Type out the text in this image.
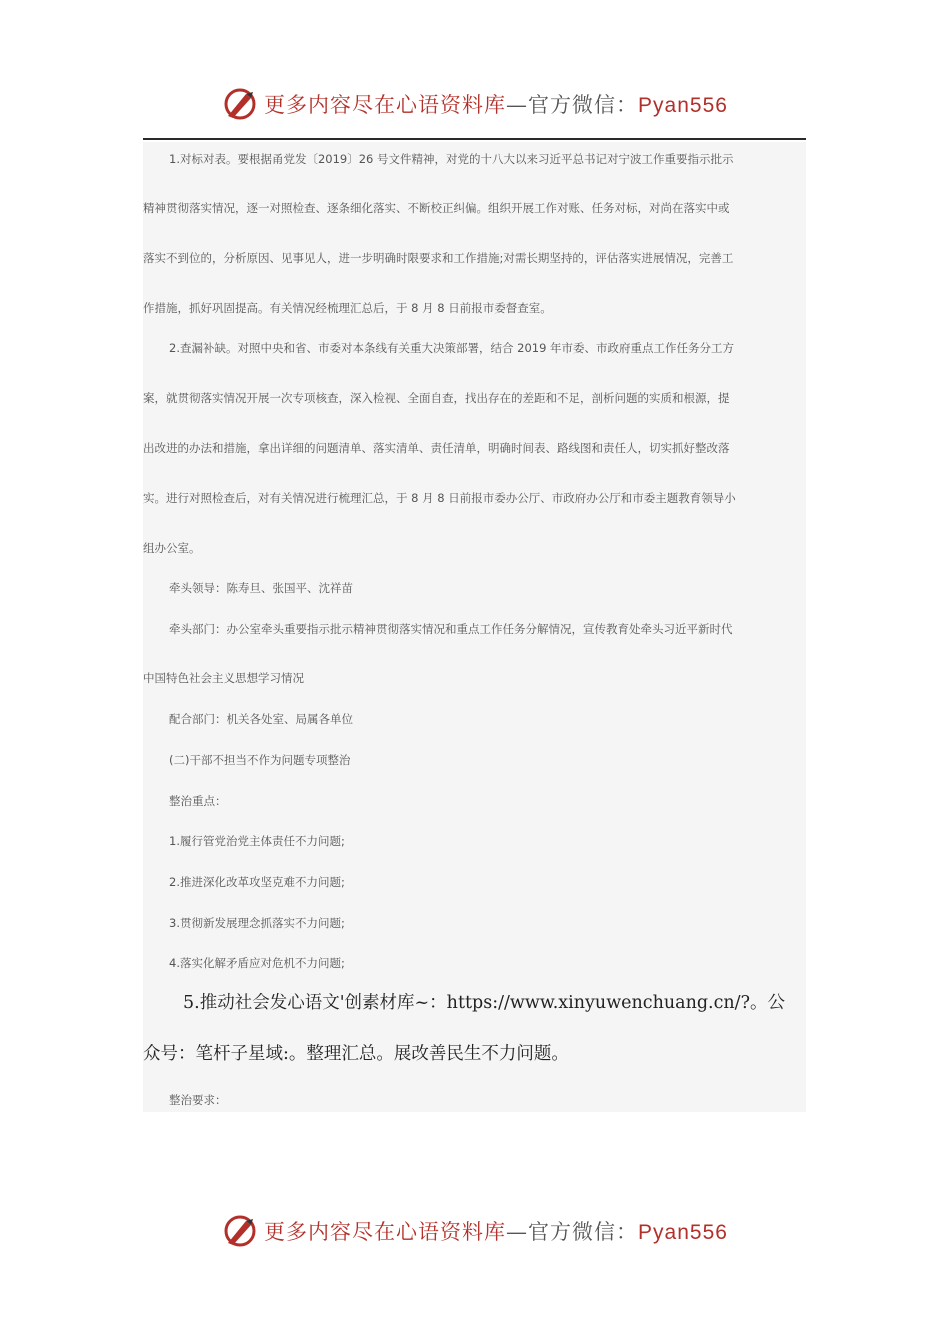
更多内容尽在心语资料库—官方微信：Pyan556
1.对标对表。要根据甬党发〔2019〕26 号文件精神，对党的十八大以来习近平总书记对宁波工作重要指示批示
精神贯彻落实情况，逐一对照检查、逐条细化落实、不断校正纠偏。组织开展工作对账、任务对标，对尚在落实中或
落实不到位的，分析原因、见事见人，进一步明确时限要求和工作措施;对需长期坚持的，评估落实进展情况，完善工
作措施，抓好巩固提高。有关情况经梳理汇总后，于 8 月 8 日前报市委督查室。
2.查漏补缺。对照中央和省、市委对本条线有关重大决策部署，结合 2019 年市委、市政府重点工作任务分工方
案，就贯彻落实情况开展一次专项核查，深入检视、全面自查，找出存在的差距和不足，剖析问题的实质和根源，提
出改进的办法和措施，拿出详细的问题清单、落实清单、责任清单，明确时间表、路线图和责任人，切实抓好整改落
实。进行对照检查后，对有关情况进行梳理汇总，于 8 月 8 日前报市委办公厅、市政府办公厅和市委主题教育领导小
组办公室。
牵头领导：陈寿旦、张国平、沈祥苗
牵头部门：办公室牵头重要指示批示精神贯彻落实情况和重点工作任务分解情况，宣传教育处牵头习近平新时代
中国特色社会主义思想学习情况
配合部门：机关各处室、局属各单位
(二)干部不担当不作为问题专项整治
整治重点：
1.履行管党治党主体责任不力问题;
2.推进深化改革攻坚克难不力问题;
3.贯彻新发展理念抓落实不力问题;
4.落实化解矛盾应对危机不力问题;
5.推动社会发心语文'创素材库~：https://www.xinyuwenchuang.cn/?。公
众号：笔杆子星域:。整理汇总。展改善民生不力问题。
整治要求：
更多内容尽在心语资料库—官方微信：Pyan556
